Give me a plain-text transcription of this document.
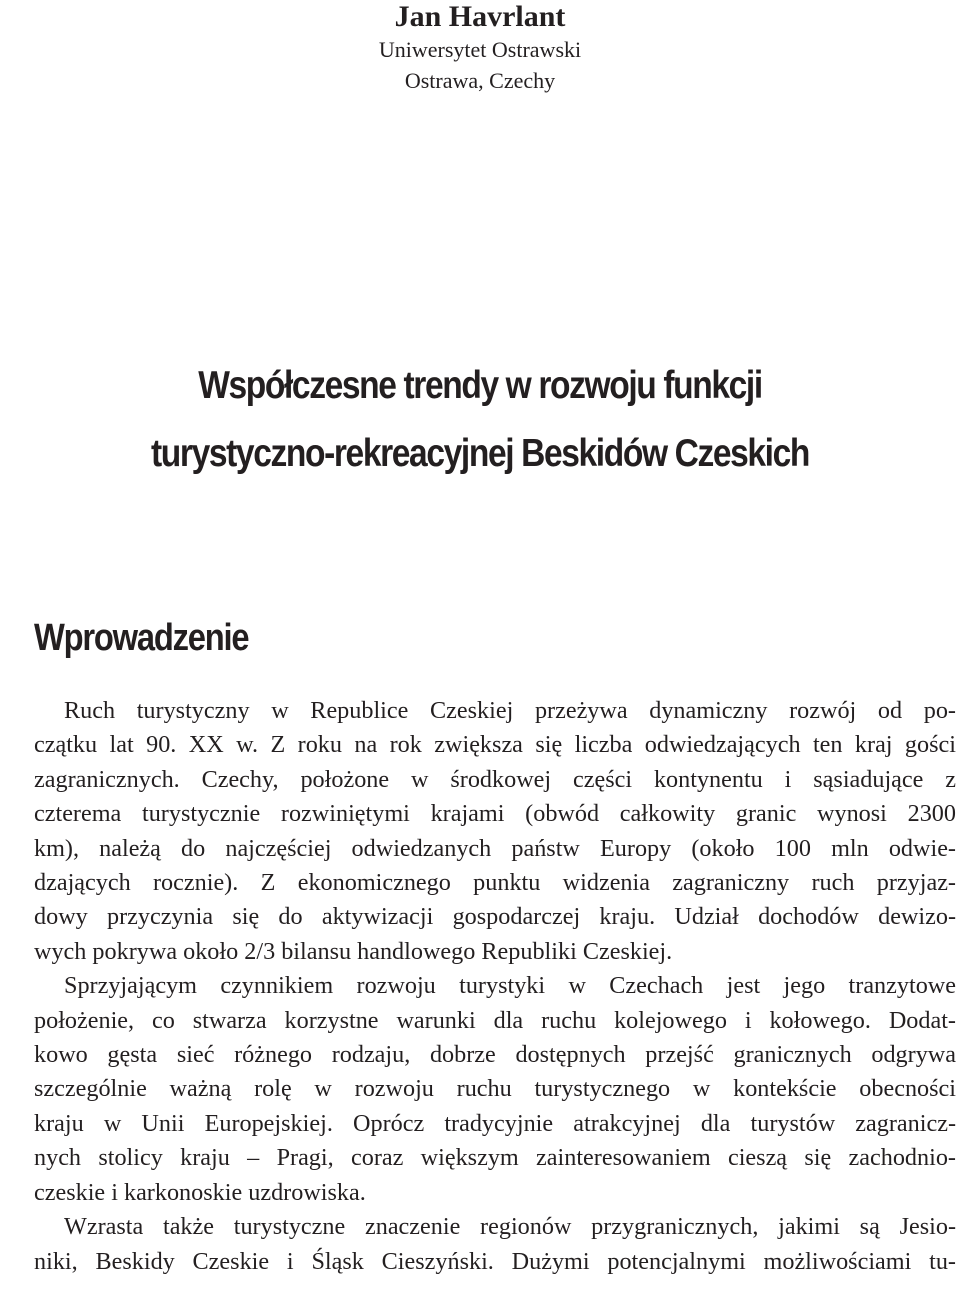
Jan Havrlant

Uniwersytet Ostrawski

Ostrawa, Czechy

Współczesne trendy w rozwoju funkcji
turystyczno-rekreacyjnej Beskidów Czeskich
Wprowadzenie
Ruch turystyczny w Republice Czeskiej przeżywa dynamiczny rozwój od po-
czątku lat 90. XX w. Z roku na rok zwiększa się liczba odwiedzających ten kraj gości
zagranicznych. Czechy, położone w środkowej części kontynentu i sąsiadujące z
czterema turystycznie rozwiniętymi krajami (obwód całkowity granic wynosi 2300
km), należą do najczęściej odwiedzanych państw Europy (około 100 mln odwie-
dzających rocznie). Z ekonomicznego punktu widzenia zagraniczny ruch przyjaz-
dowy przyczynia się do aktywizacji gospodarczej kraju. Udział dochodów dewizo-
wych pokrywa około 2/3 bilansu handlowego Republiki Czeskiej.
Sprzyjającym czynnikiem rozwoju turystyki w Czechach jest jego tranzytowe
położenie, co stwarza korzystne warunki dla ruchu kolejowego i kołowego. Dodat-
kowo gęsta sieć różnego rodzaju, dobrze dostępnych przejść granicznych odgrywa
szczególnie ważną rolę w rozwoju ruchu turystycznego w kontekście obecności
kraju w Unii Europejskiej. Oprócz tradycyjnie atrakcyjnej dla turystów zagranicz-
nych stolicy kraju – Pragi, coraz większym zainteresowaniem cieszą się zachodnio-
czeskie i karkonoskie uzdrowiska.
Wzrasta także turystyczne znaczenie regionów przygranicznych, jakimi są Jesio-
niki, Beskidy Czeskie i Śląsk Cieszyński. Dużymi potencjalnymi możliwościami tu-
